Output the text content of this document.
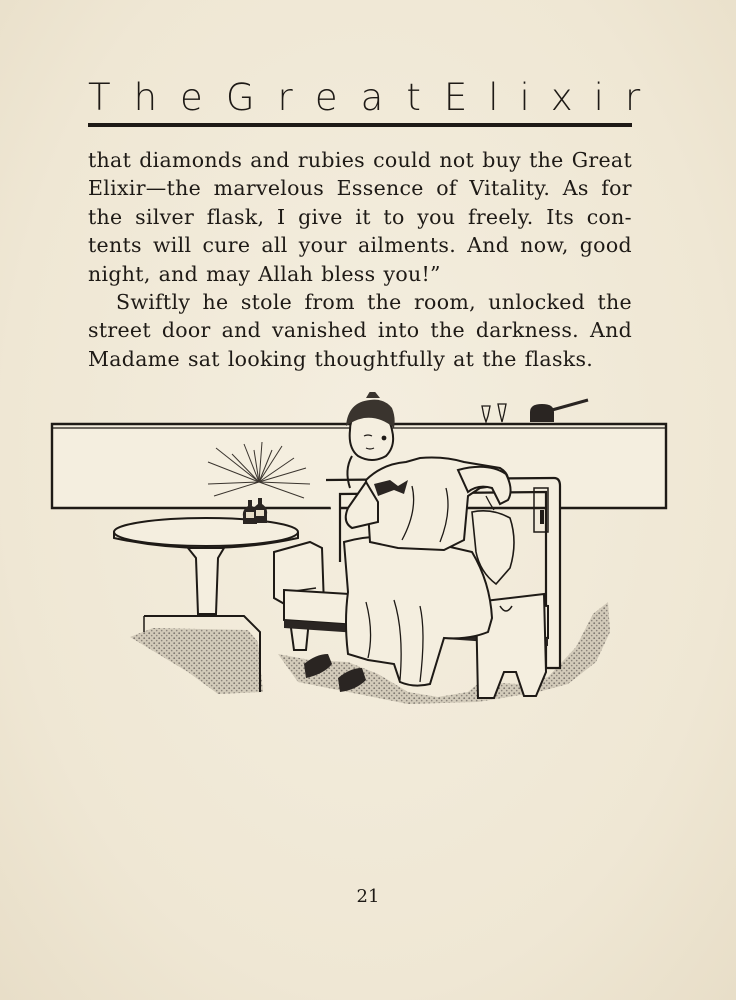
The Great Elixir
that diamonds and rubies could not buy the Great
Elixir—the marvelous Essence of Vitality. As for
the silver flask, I give it to you freely. Its con-
tents will cure all your ailments. And now, good
night, and may Allah bless you!”
Swiftly he stole from the room, unlocked the
street door and vanished into the darkness. And
Madame sat looking thoughtfully at the flasks.
21
